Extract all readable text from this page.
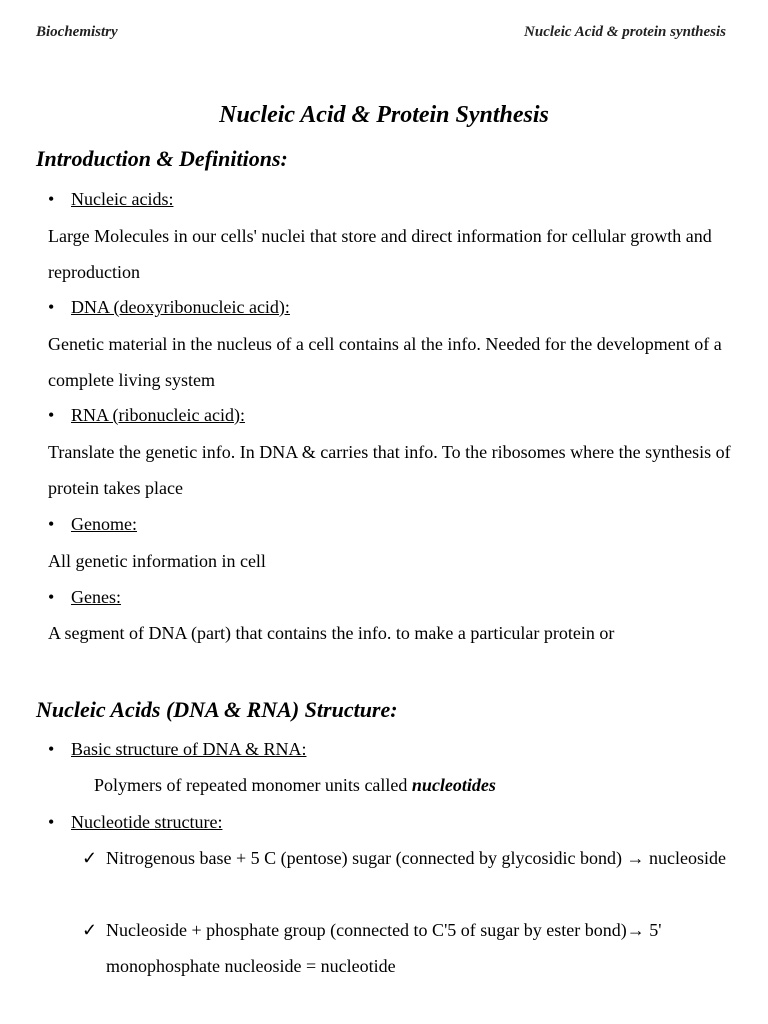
Biochemistry	Nucleic Acid & protein synthesis
Nucleic Acid & Protein Synthesis
Introduction & Definitions:
• Nucleic acids:
Large Molecules in our cells' nuclei that store and direct information for cellular growth and reproduction
• DNA (deoxyribonucleic acid):
Genetic material in the nucleus of a cell contains al the info. Needed for the development of a complete living system
• RNA (ribonucleic acid):
Translate the genetic info. In DNA & carries that info. To the ribosomes where the synthesis of protein takes place
• Genome:
All genetic information in cell
• Genes:
A segment of DNA (part) that contains the info. to make a particular protein or
Nucleic Acids (DNA & RNA) Structure:
• Basic structure of DNA & RNA:
Polymers of repeated monomer units called nucleotides
• Nucleotide structure:
✓ Nitrogenous base + 5 C (pentose) sugar (connected by glycosidic bond) → nucleoside
✓ Nucleoside + phosphate group (connected to C'5 of sugar by ester bond)→ 5' monophosphate nucleoside = nucleotide
